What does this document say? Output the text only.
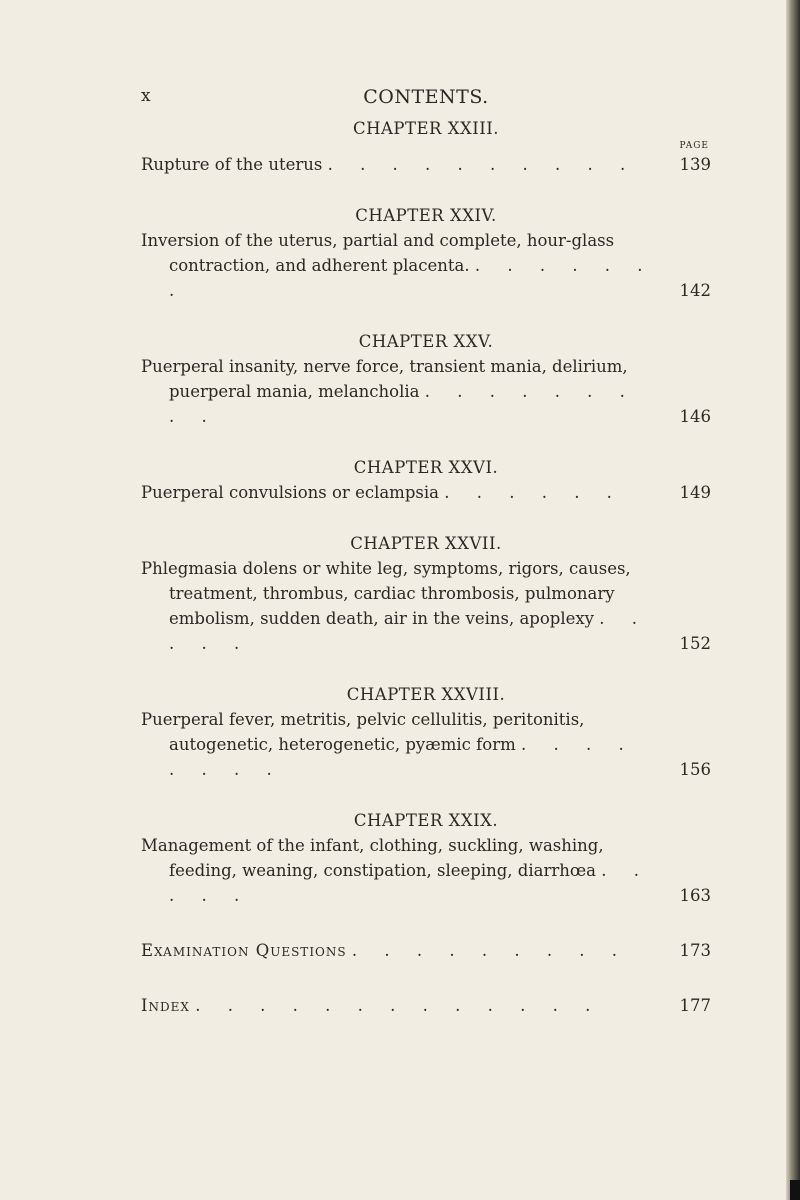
x	CONTENTS.
CHAPTER XXIII.
PAGE
Rupture of the uterus . . . . . . . . . .	139
CHAPTER XXIV.
Inversion of the uterus, partial and complete, hour-glass contraction, and adherent placenta. . . . . . . .	142
CHAPTER XXV.
Puerperal insanity, nerve force, transient mania, delirium, puerperal mania, melancholia . . . . . . . . .	146
CHAPTER XXVI.
Puerperal convulsions or eclampsia . . . . . .	149
CHAPTER XXVII.
Phlegmasia dolens or white leg, symptoms, rigors, causes, treatment, thrombus, cardiac thrombosis, pulmonary embolism, sudden death, air in the veins, apoplexy . . . . .	152
CHAPTER XXVIII.
Puerperal fever, metritis, pelvic cellulitis, peritonitis, autogenetic, heterogenetic, pyæmic form . . . . . . . .	156
CHAPTER XXIX.
Management of the infant, clothing, suckling, washing, feeding, weaning, constipation, sleeping, diarrhœa . . . . .	163
Examination Questions . . . . . . . . .	173
Index . . . . . . . . . . . . .	177
